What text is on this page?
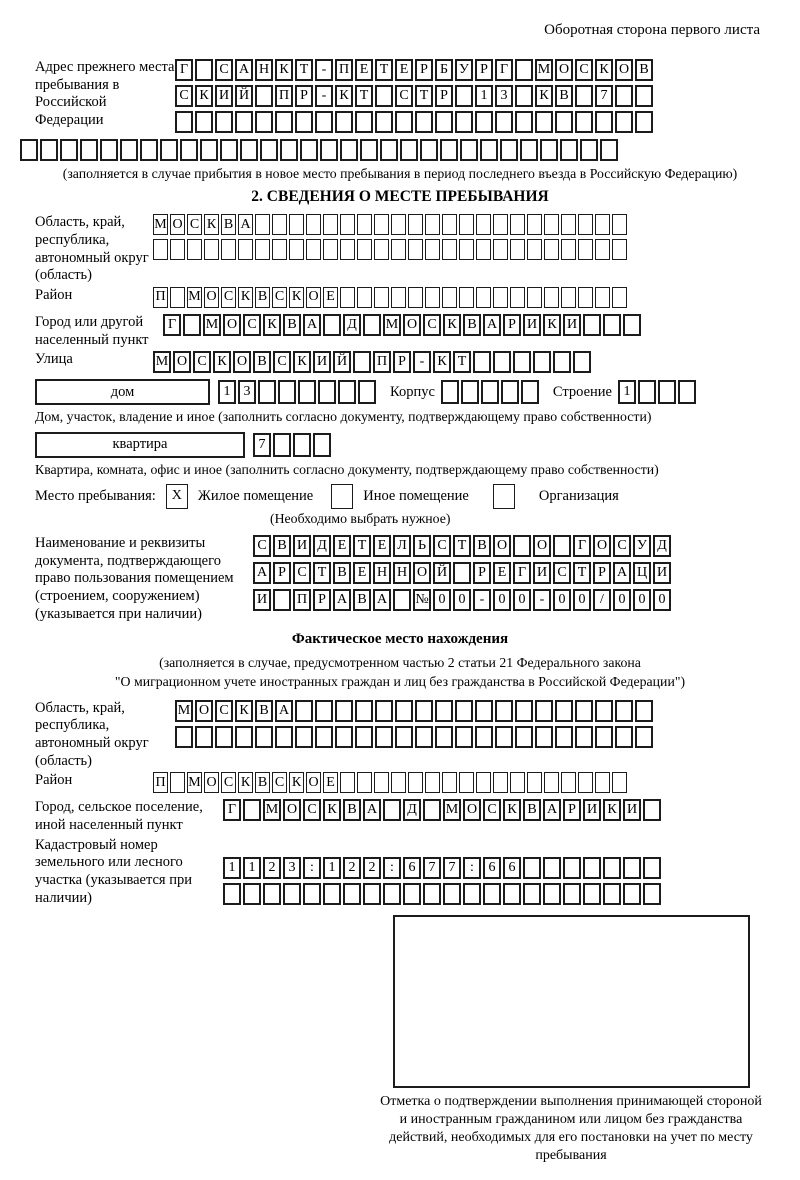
Оборотная сторона первого листа
Адрес прежнего места пребывания в Российской Федерации
Г	С А Н К Т - П Е Т Е Р Б У Р Г	М О С К О В
С К И Й П Р - К Т	С Т Р	1 3	К В	7
(заполняется в случае прибытия в новое место пребывания в период последнего въезда в Российскую Федерацию)
2. СВЕДЕНИЯ О МЕСТЕ ПРЕБЫВАНИЯ
Область, край, республика, автономный округ (область)
М О С К В А
Район	П М О С К В С К О Е
Город или другой населенный пункт
Г	М О С К В А	Д	М О С К В А Р И К И
Улица	М О С К О В С К И Й П Р - К Т
дом	1 3	Корпус	Строение 1
Дом, участок, владение и иное (заполнить согласно документу, подтверждающему право собственности)
квартира	7
Квартира, комната, офис и иное (заполнить согласно документу, подтверждающему право собственности)
Место пребывания:	X	Жилое помещение	Иное помещение	Организация
(Необходимо выбрать нужное)
Наименование и реквизиты документа, подтверждающего право пользования помещением (строением, сооружением) (указывается при наличии)
С В И Д Е Т Е Л Ь С Т В О О	Г О С У Д
А Р С Т В Е Н Н О Й	Р Е Г И С Т Р А Ц И
И П Р А В А № 0 0	-	0 0	-	0 0	/	0 0 0
Фактическое место нахождения
(заполняется в случае, предусмотренном частью 2 статьи 21 Федерального закона
"О миграционном учете иностранных граждан и лиц без гражданства в Российской Федерации")
Область, край, республика, автономный округ (область)
М О С К В А
Район	П М О С К В С К О Е
Город, сельское поселение, иной населенный пункт
Г	М О С К В А	Д	М О С К В А Р И К И
Кадастровый номер земельного или лесного участка (указывается при наличии)
1 1 2 3	:	1 2 2	:	6 7 7	:	6 6
Отметка о подтверждении выполнения принимающей стороной и иностранным гражданином или лицом без гражданства действий, необходимых для его постановки на учет по месту пребывания
